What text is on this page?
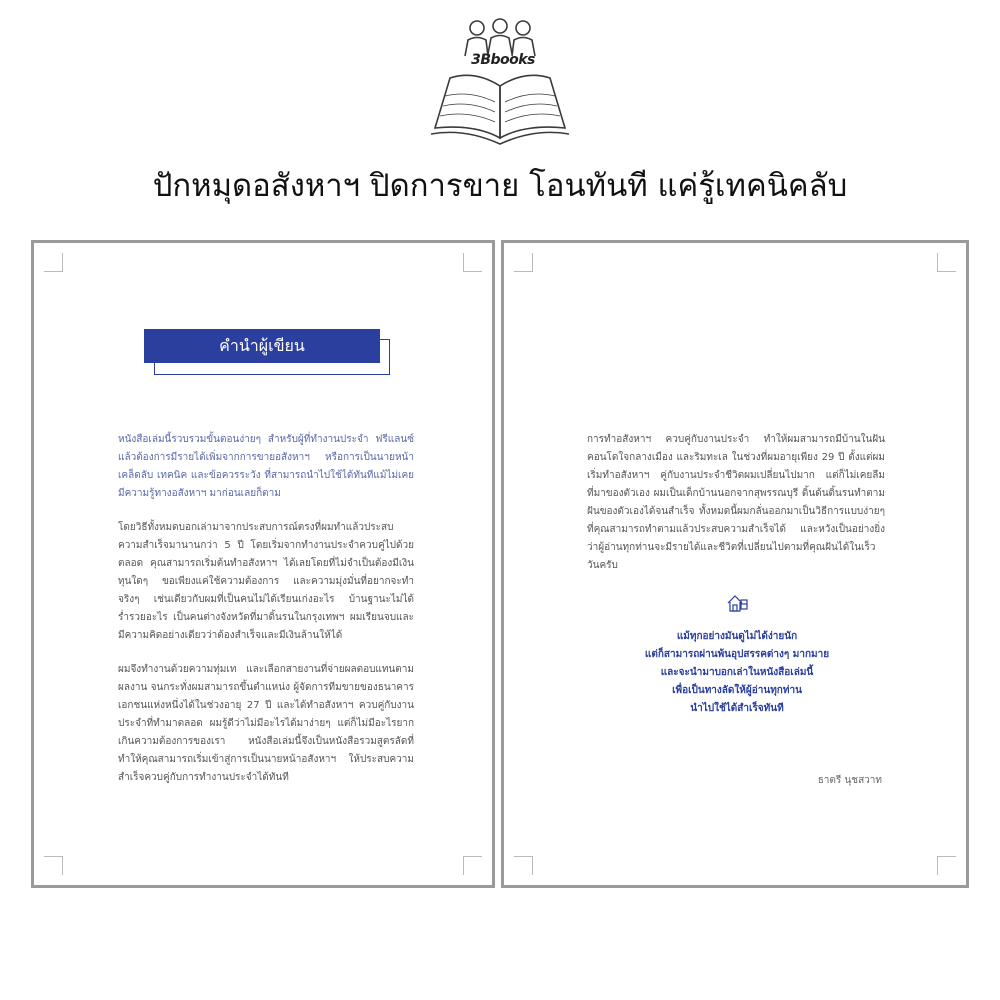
3Bbooks
ปักหมุดอสังหาฯ ปิดการขาย โอนทันที แค่รู้เทคนิคลับ
คำนำผู้เขียน

หนังสือเล่มนี้รวบรวมขั้นตอนง่ายๆ สำหรับผู้ที่ทำงานประจำ ฟรีแลนซ์ แล้วต้องการมีรายได้เพิ่มจากการขายอสังหาฯ หรือการเป็นนายหน้า เคล็ดลับ เทคนิค และข้อควรระวัง ที่สามารถนำไปใช้ได้ทันทีแม้ไม่เคยมีความรู้ทางอสังหาฯ มาก่อนเลยก็ตาม

โดยวิธีทั้งหมดบอกเล่ามาจากประสบการณ์ตรงที่ผมทำแล้วประสบความสำเร็จมานานกว่า 5 ปี โดยเริ่มจากทำงานประจำควบคู่ไปด้วยตลอด คุณสามารถเริ่มต้นทำอสังหาฯ ได้เลยโดยที่ไม่จำเป็นต้องมีเงินทุนใดๆ ขอเพียงแค่ใช้ความต้องการ และความมุ่งมั่นที่อยากจะทำจริงๆ เช่นเดียวกับผมที่เป็นคนไม่ได้เรียนเก่งอะไร บ้านฐานะไม่ได้ร่ำรวยอะไร เป็นคนต่างจังหวัดที่มาดิ้นรนในกรุงเทพฯ ผมเรียนจบและมีความคิดอย่างเดียวว่าต้องสำเร็จและมีเงินล้านให้ได้

ผมจึงทำงานด้วยความทุ่มเท และเลือกสายงานที่จ่ายผลตอบแทนตามผลงาน จนกระทั่งผมสามารถขึ้นตำแหน่ง ผู้จัดการทีมขายของธนาคารเอกชนแห่งหนึ่งได้ในช่วงอายุ 27 ปี และได้ทำอสังหาฯ ควบคู่กับงานประจำที่ทำมาตลอด ผมรู้ดีว่าไม่มีอะไรได้มาง่ายๆ แต่ก็ไม่มีอะไรยากเกินความต้องการของเรา หนังสือเล่มนี้จึงเป็นหนังสือรวมสูตรลัดที่ทำให้คุณสามารถเริ่มเข้าสู่การเป็นนายหน้าอสังหาฯ ให้ประสบความสำเร็จควบคู่กับการทำงานประจำได้ทันที

การทำอสังหาฯ ควบคู่กับงานประจำ ทำให้ผมสามารถมีบ้านในฝัน คอนโดใจกลางเมือง และริมทะเล ในช่วงที่ผมอายุเพียง 29 ปี ตั้งแต่ผมเริ่มทำอสังหาฯ คู่กับงานประจำชีวิตผมเปลี่ยนไปมาก แต่ก็ไม่เคยลืมที่มาของตัวเอง ผมเป็นเด็กบ้านนอกจากสุพรรณบุรี ดิ้นด้นดิ้นรนทำตามฝันของตัวเองได้จนสำเร็จ ทั้งหมดนี้ผมกลั่นออกมาเป็นวิธีการแบบง่ายๆ ที่คุณสามารถทำตามแล้วประสบความสำเร็จได้ และหวังเป็นอย่างยิ่งว่าผู้อ่านทุกท่านจะมีรายได้และชีวิตที่เปลี่ยนไปตามที่คุณฝันได้ในเร็ววันครับ

แม้ทุกอย่างมันดูไม่ได้ง่ายนัก

แต่ก็สามารถผ่านพ้นอุปสรรคต่างๆ มากมาย

และจะนำมาบอกเล่าในหนังสือเล่มนี้

เพื่อเป็นทางลัดให้ผู้อ่านทุกท่าน

นำไปใช้ได้สำเร็จทันที

ธาตรี นุชสวาท
